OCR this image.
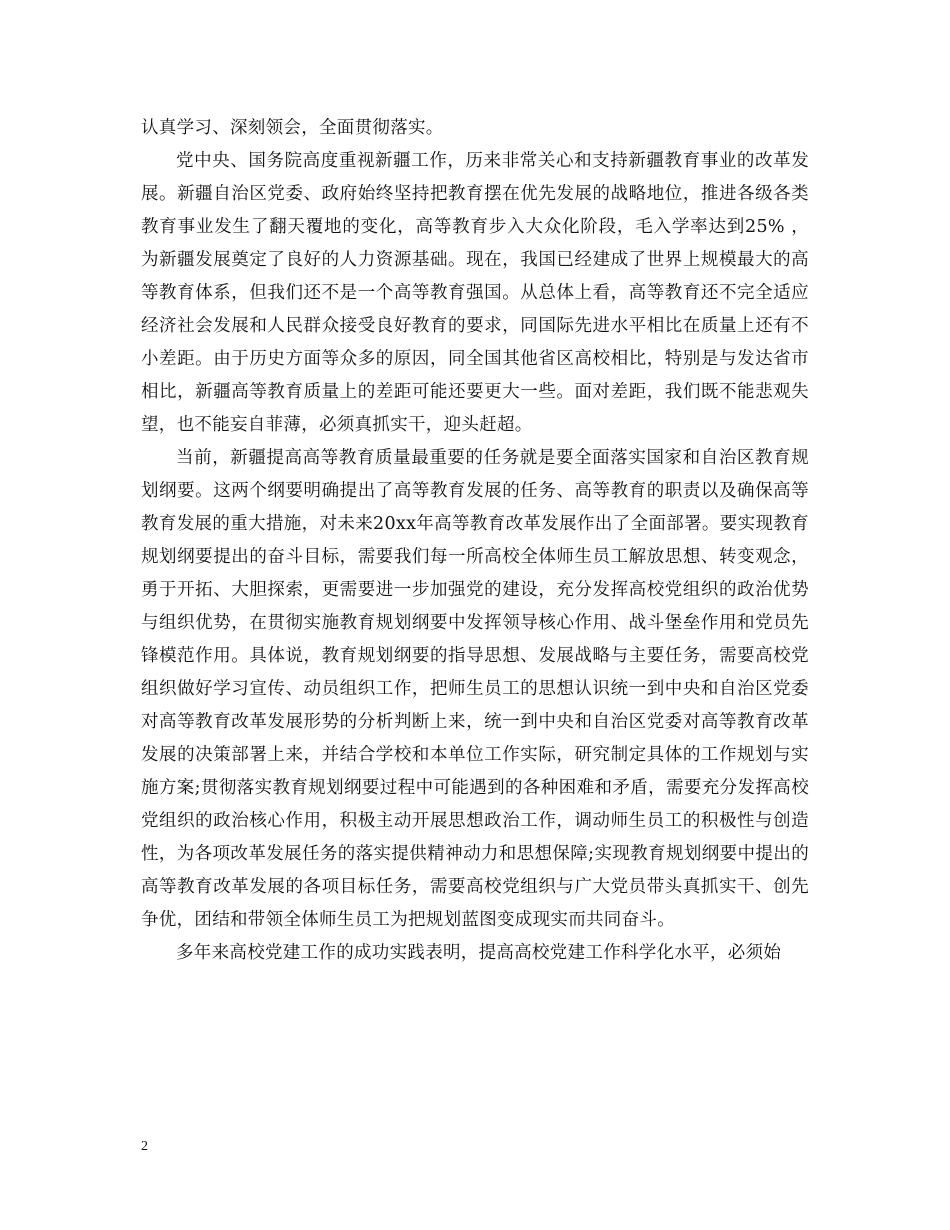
认真学习、深刻领会，全面贯彻落实。

党中央、国务院高度重视新疆工作，历来非常关心和支持新疆教育事业的改革发展。新疆自治区党委、政府始终坚持把教育摆在优先发展的战略地位，推进各级各类教育事业发生了翻天覆地的变化，高等教育步入大众化阶段，毛入学率达到25% ，为新疆发展奠定了良好的人力资源基础。现在，我国已经建成了世界上规模最大的高等教育体系，但我们还不是一个高等教育强国。从总体上看，高等教育还不完全适应经济社会发展和人民群众接受良好教育的要求，同国际先进水平相比在质量上还有不小差距。由于历史方面等众多的原因，同全国其他省区高校相比，特别是与发达省市相比，新疆高等教育质量上的差距可能还要更大一些。面对差距，我们既不能悲观失望，也不能妄自菲薄，必须真抓实干，迎头赶超。

当前，新疆提高高等教育质量最重要的任务就是要全面落实国家和自治区教育规划纲要。这两个纲要明确提出了高等教育发展的任务、高等教育的职责以及确保高等教育发展的重大措施，对未来20xx年高等教育改革发展作出了全面部署。要实现教育规划纲要提出的奋斗目标，需要我们每一所高校全体师生员工解放思想、转变观念，勇于开拓、大胆探索，更需要进一步加强党的建设，充分发挥高校党组织的政治优势与组织优势，在贯彻实施教育规划纲要中发挥领导核心作用、战斗堡垒作用和党员先锋模范作用。具体说，教育规划纲要的指导思想、发展战略与主要任务，需要高校党组织做好学习宣传、动员组织工作，把师生员工的思想认识统一到中央和自治区党委对高等教育改革发展形势的分析判断上来，统一到中央和自治区党委对高等教育改革发展的决策部署上来，并结合学校和本单位工作实际，研究制定具体的工作规划与实施方案;贯彻落实教育规划纲要过程中可能遇到的各种困难和矛盾，需要充分发挥高校党组织的政治核心作用，积极主动开展思想政治工作，调动师生员工的积极性与创造性，为各项改革发展任务的落实提供精神动力和思想保障;实现教育规划纲要中提出的高等教育改革发展的各项目标任务，需要高校党组织与广大党员带头真抓实干、创先争优，团结和带领全体师生员工为把规划蓝图变成现实而共同奋斗。

多年来高校党建工作的成功实践表明，提高高校党建工作科学化水平，必须始

2
